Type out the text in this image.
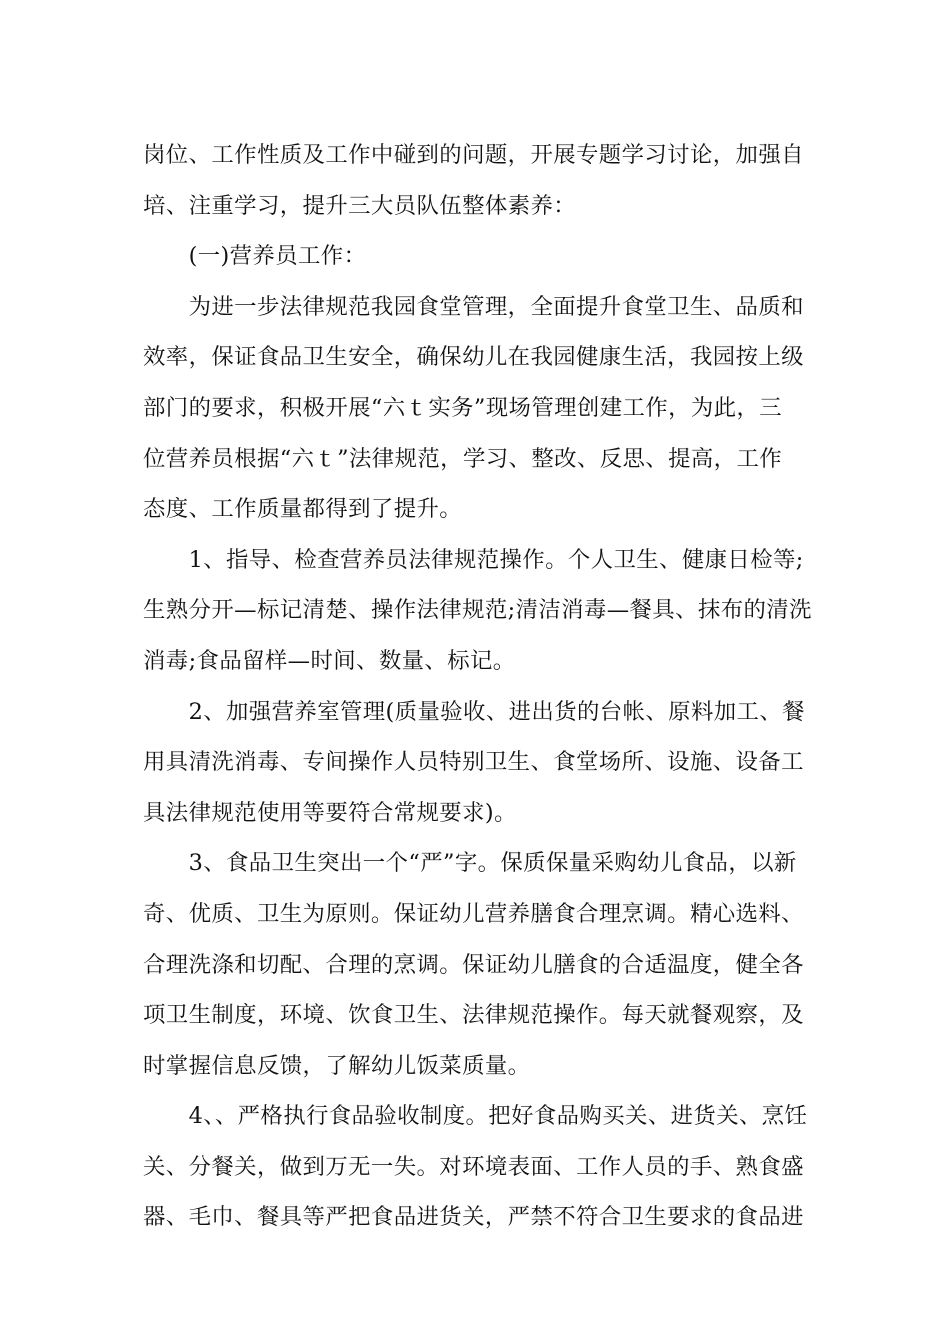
岗位、工作性质及工作中碰到的问题，开展专题学习讨论，加强自
培、注重学习，提升三大员队伍整体素养：

　　(一)营养员工作：

　　为进一步法律规范我园食堂管理，全面提升食堂卫生、品质和
效率，保证食品卫生安全，确保幼儿在我园健康生活，我园按上级
部门的要求，积极开展“六ｔ实务”现场管理创建工作，为此，三
位营养员根据“六ｔ”法律规范，学习、整改、反思、提高，工作
态度、工作质量都得到了提升。

　　1、指导、检查营养员法律规范操作。个人卫生、健康日检等;
生熟分开—标记清楚、操作法律规范;清洁消毒—餐具、抹布的清洗
消毒;食品留样—时间、数量、标记。

　　2、加强营养室管理(质量验收、进出货的台帐、原料加工、餐
用具清洗消毒、专间操作人员特别卫生、食堂场所、设施、设备工
具法律规范使用等要符合常规要求)。

　　3、食品卫生突出一个“严”字。保质保量采购幼儿食品，以新
奇、优质、卫生为原则。保证幼儿营养膳食合理烹调。精心选料、
合理洗涤和切配、合理的烹调。保证幼儿膳食的合适温度，健全各
项卫生制度，环境、饮食卫生、法律规范操作。每天就餐观察，及
时掌握信息反馈，了解幼儿饭菜质量。

　　4、、严格执行食品验收制度。把好食品购买关、进货关、烹饪
关、分餐关，做到万无一失。对环境表面、工作人员的手、熟食盛
器、毛巾、餐具等严把食品进货关，严禁不符合卫生要求的食品进
